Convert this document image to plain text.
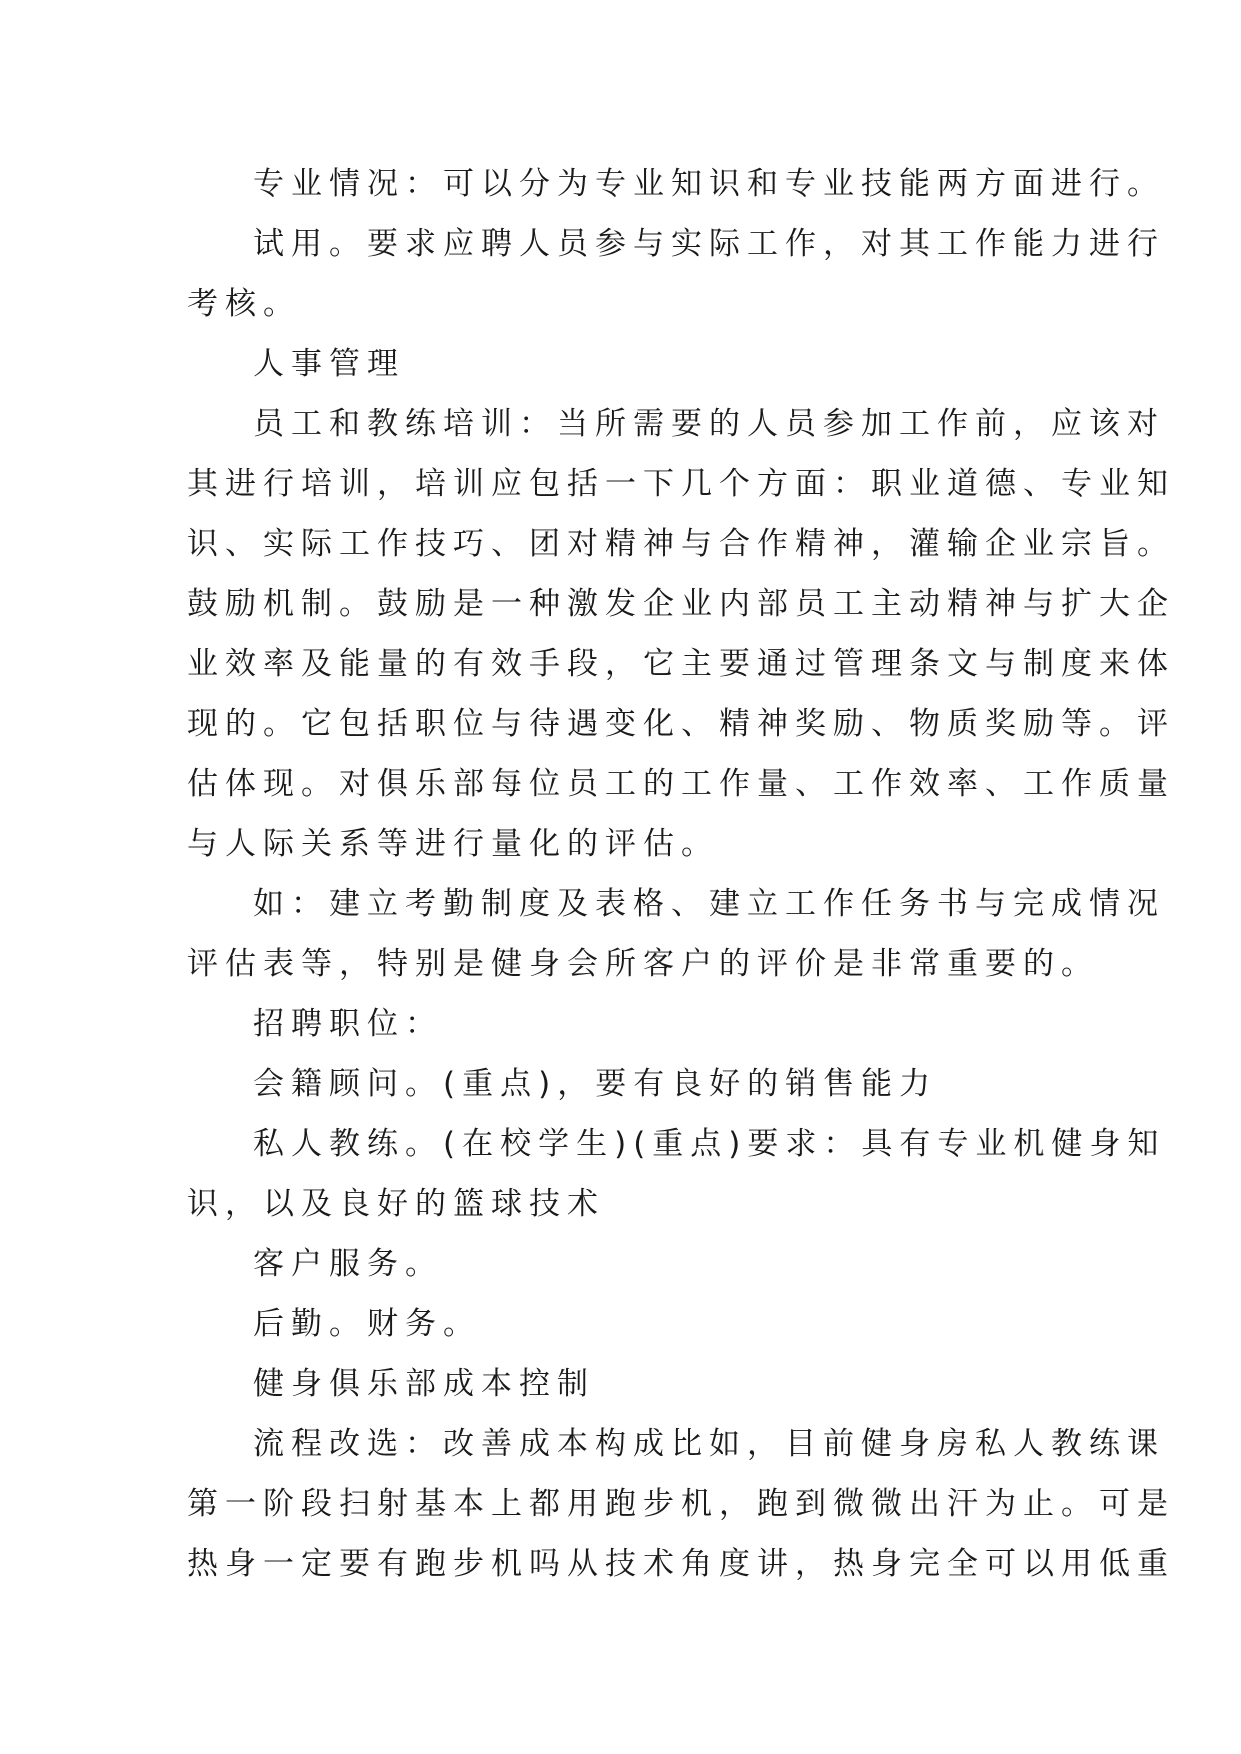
专业情况：可以分为专业知识和专业技能两方面进行。

试用。要求应聘人员参与实际工作，对其工作能力进行

考核。

人事管理

员工和教练培训：当所需要的人员参加工作前，应该对

其进行培训，培训应包括一下几个方面：职业道德、专业知

识、实际工作技巧、团对精神与合作精神，灌输企业宗旨。

鼓励机制。鼓励是一种激发企业内部员工主动精神与扩大企

业效率及能量的有效手段，它主要通过管理条文与制度来体

现的。它包括职位与待遇变化、精神奖励、物质奖励等。评

估体现。对俱乐部每位员工的工作量、工作效率、工作质量

与人际关系等进行量化的评估。

如：建立考勤制度及表格、建立工作任务书与完成情况

评估表等，特别是健身会所客户的评价是非常重要的。

招聘职位：

会籍顾问。(重点)，要有良好的销售能力

私人教练。(在校学生)(重点)要求：具有专业机健身知

识，以及良好的篮球技术

客户服务。

后勤。财务。

健身俱乐部成本控制

流程改选：改善成本构成比如，目前健身房私人教练课

第一阶段扫射基本上都用跑步机，跑到微微出汗为止。可是

热身一定要有跑步机吗从技术角度讲，热身完全可以用低重
